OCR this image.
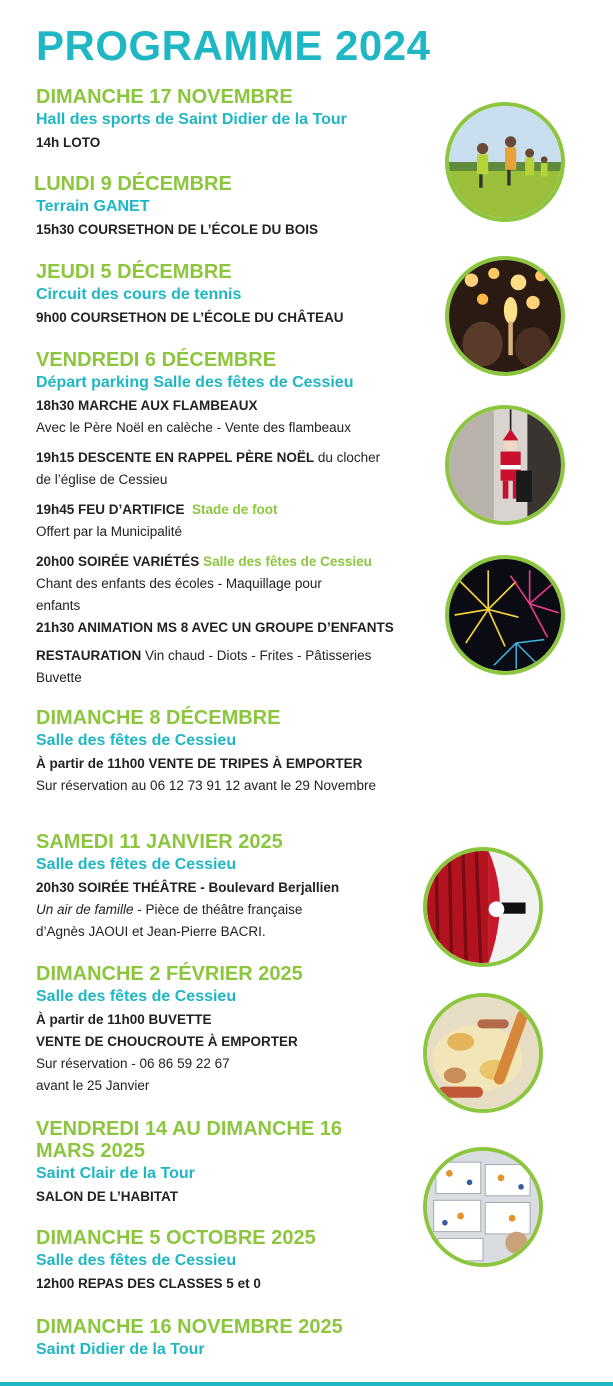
PROGRAMME 2024
DIMANCHE 17 NOVEMBRE
Hall des sports de Saint Didier de la Tour
14h LOTO
LUNDI 9 DÉCEMBRE
Terrain GANET
15h30 COURSETHON DE L’ÉCOLE DU BOIS
JEUDI 5 DÉCEMBRE
Circuit des cours de tennis
9h00 COURSETHON DE L’ÉCOLE DU CHÂTEAU
VENDREDI 6 DÉCEMBRE
Départ parking Salle des fêtes de Cessieu
18h30 MARCHE AUX FLAMBEAUX
Avec le Père Noël en calèche - Vente des flambeaux
19h15 DESCENTE EN RAPPEL PÈRE NOËL du clocher
de l’église de Cessieu
19h45 FEU D’ARTIFICE Stade de foot
Offert par la Municipalité
20h00 SOIRÉE VARIÉTÉS Salle des fêtes de Cessieu
Chant des enfants des écoles - Maquillage pour
enfants
21h30 ANIMATION MS 8 AVEC UN GROUPE D’ENFANTS
RESTAURATION Vin chaud - Diots - Frites - Pâtisseries
Buvette
DIMANCHE 8 DÉCEMBRE
Salle des fêtes de Cessieu
À partir de 11h00 VENTE DE TRIPES À EMPORTER
Sur réservation au 06 12 73 91 12 avant le 29 Novembre
SAMEDI 11 JANVIER 2025
Salle des fêtes de Cessieu
20h30 SOIRÉE THÉÂTRE - Boulevard Berjallien
Un air de famille - Pièce de théâtre française
d’Agnès JAOUI et Jean-Pierre BACRI.
DIMANCHE 2 FÉVRIER 2025
Salle des fêtes de Cessieu
À partir de 11h00 BUVETTE
VENTE DE CHOUCROUTE À EMPORTER
Sur réservation - 06 86 59 22 67
avant le 25 Janvier
VENDREDI 14 AU DIMANCHE 16
MARS 2025
Saint Clair de la Tour
SALON DE L’HABITAT
DIMANCHE 5 OCTOBRE 2025
Salle des fêtes de Cessieu
12h00 REPAS DES CLASSES 5 et 0
DIMANCHE 16 NOVEMBRE 2025
Saint Didier de la Tour
